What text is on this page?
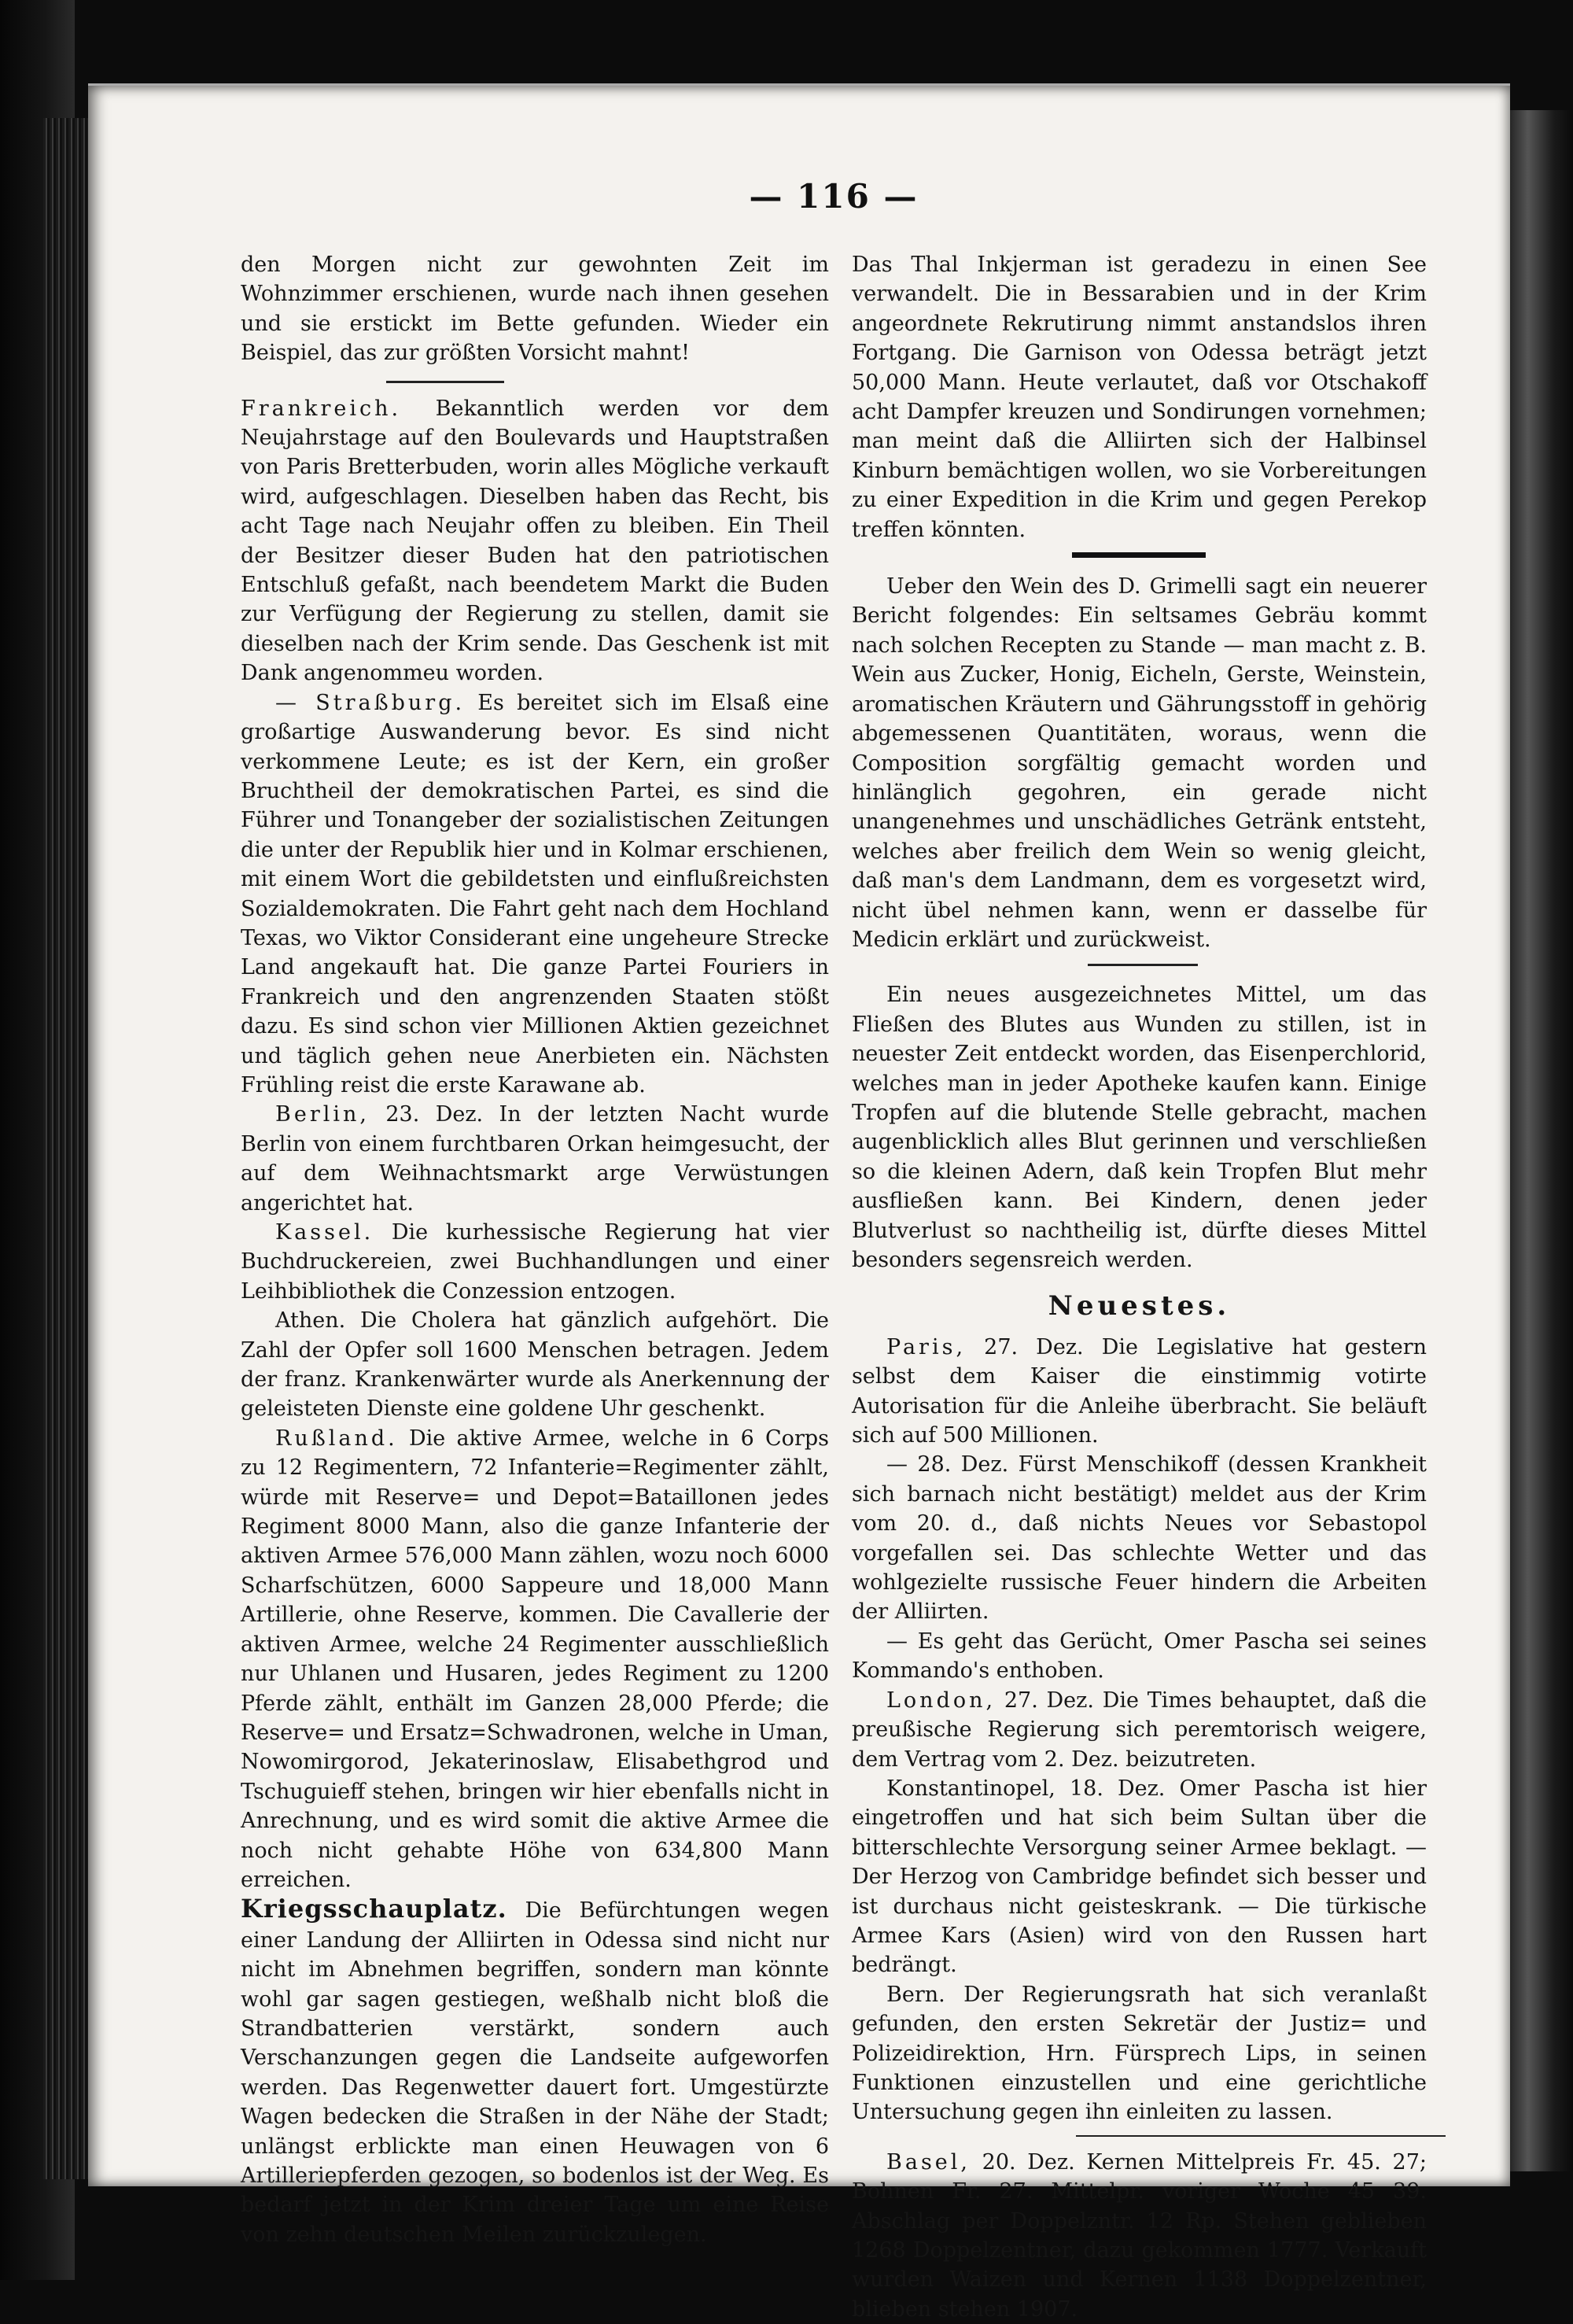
— 116 —

den Morgen nicht zur gewohnten Zeit im Wohnzimmer erschienen, wurde nach ihnen gesehen und sie erstickt im Bette gefunden. Wieder ein Beispiel, das zur größten Vorsicht mahnt!

Frankreich. Bekanntlich werden vor dem Neujahrstage auf den Boulevards und Hauptstraßen von Paris Bretterbuden, worin alles Mögliche verkauft wird, aufgeschlagen. Dieselben haben das Recht, bis acht Tage nach Neujahr offen zu bleiben. Ein Theil der Besitzer dieser Buden hat den patriotischen Entschluß gefaßt, nach beendetem Markt die Buden zur Verfügung der Regierung zu stellen, damit sie dieselben nach der Krim sende. Das Geschenk ist mit Dank angenommeu worden.

— Straßburg. Es bereitet sich im Elsaß eine großartige Auswanderung bevor. Es sind nicht verkommene Leute; es ist der Kern, ein großer Bruchtheil der demokratischen Partei, es sind die Führer und Tonangeber der sozialistischen Zeitungen die unter der Republik hier und in Kolmar erschienen, mit einem Wort die gebildetsten und einflußreichsten Sozialdemokraten. Die Fahrt geht nach dem Hochland Texas, wo Viktor Considerant eine ungeheure Strecke Land angekauft hat. Die ganze Partei Fouriers in Frankreich und den angrenzenden Staaten stößt dazu. Es sind schon vier Millionen Aktien gezeichnet und täglich gehen neue Anerbieten ein. Nächsten Frühling reist die erste Karawane ab.

Berlin, 23. Dez. In der letzten Nacht wurde Berlin von einem furchtbaren Orkan heimgesucht, der auf dem Weihnachtsmarkt arge Verwüstungen angerichtet hat.

Kassel. Die kurhessische Regierung hat vier Buchdruckereien, zwei Buchhandlungen und einer Leihbibliothek die Conzession entzogen.

Athen. Die Cholera hat gänzlich aufgehört. Die Zahl der Opfer soll 1600 Menschen betragen. Jedem der franz. Krankenwärter wurde als Anerkennung der geleisteten Dienste eine goldene Uhr geschenkt.

Rußland. Die aktive Armee, welche in 6 Corps zu 12 Regimentern, 72 Infanterie=Regimenter zählt, würde mit Reserve= und Depot=Bataillonen jedes Regiment 8000 Mann, also die ganze Infanterie der aktiven Armee 576,000 Mann zählen, wozu noch 6000 Scharfschützen, 6000 Sappeure und 18,000 Mann Artillerie, ohne Reserve, kommen. Die Cavallerie der aktiven Armee, welche 24 Regimenter ausschließlich nur Uhlanen und Husaren, jedes Regiment zu 1200 Pferde zählt, enthält im Ganzen 28,000 Pferde; die Reserve= und Ersatz=Schwadronen, welche in Uman, Nowomirgorod, Jekaterinoslaw, Elisabethgrod und Tschuguieff stehen, bringen wir hier ebenfalls nicht in Anrechnung, und es wird somit die aktive Armee die noch nicht gehabte Höhe von 634,800 Mann erreichen.

Kriegsschauplatz. Die Befürchtungen wegen einer Landung der Alliirten in Odessa sind nicht nur nicht im Abnehmen begriffen, sondern man könnte wohl gar sagen gestiegen, weßhalb nicht bloß die Strandbatterien verstärkt, sondern auch Verschanzungen gegen die Landseite aufgeworfen werden. Das Regenwetter dauert fort. Umgestürzte Wagen bedecken die Straßen in der Nähe der Stadt; unlängst erblickte man einen Heuwagen von 6 Artilleriepferden gezogen, so bodenlos ist der Weg. Es bedarf jetzt in der Krim dreier Tage um eine Reise von zehn deutschen Meilen zurückzulegen.

Das Thal Inkjerman ist geradezu in einen See verwandelt. Die in Bessarabien und in der Krim angeordnete Rekrutirung nimmt anstandslos ihren Fortgang. Die Garnison von Odessa beträgt jetzt 50,000 Mann. Heute verlautet, daß vor Otschakoff acht Dampfer kreuzen und Sondirungen vornehmen; man meint daß die Alliirten sich der Halbinsel Kinburn bemächtigen wollen, wo sie Vorbereitungen zu einer Expedition in die Krim und gegen Perekop treffen könnten.

Ueber den Wein des D. Grimelli sagt ein neuerer Bericht folgendes: Ein seltsames Gebräu kommt nach solchen Recepten zu Stande — man macht z. B. Wein aus Zucker, Honig, Eicheln, Gerste, Weinstein, aromatischen Kräutern und Gährungsstoff in gehörig abgemessenen Quantitäten, woraus, wenn die Composition sorgfältig gemacht worden und hinlänglich gegohren, ein gerade nicht unangenehmes und unschädliches Getränk entsteht, welches aber freilich dem Wein so wenig gleicht, daß man's dem Landmann, dem es vorgesetzt wird, nicht übel nehmen kann, wenn er dasselbe für Medicin erklärt und zurückweist.

Ein neues ausgezeichnetes Mittel, um das Fließen des Blutes aus Wunden zu stillen, ist in neuester Zeit entdeckt worden, das Eisenperchlorid, welches man in jeder Apotheke kaufen kann. Einige Tropfen auf die blutende Stelle gebracht, machen augenblicklich alles Blut gerinnen und verschließen so die kleinen Adern, daß kein Tropfen Blut mehr ausfließen kann. Bei Kindern, denen jeder Blutverlust so nachtheilig ist, dürfte dieses Mittel besonders segensreich werden.

Neuestes.

Paris, 27. Dez. Die Legislative hat gestern selbst dem Kaiser die einstimmig votirte Autorisation für die Anleihe überbracht. Sie beläuft sich auf 500 Millionen.

— 28. Dez. Fürst Menschikoff (dessen Krankheit sich barnach nicht bestätigt) meldet aus der Krim vom 20. d., daß nichts Neues vor Sebastopol vorgefallen sei. Das schlechte Wetter und das wohlgezielte russische Feuer hindern die Arbeiten der Alliirten.

— Es geht das Gerücht, Omer Pascha sei seines Kommando's enthoben.

London, 27. Dez. Die Times behauptet, daß die preußische Regierung sich peremtorisch weigere, dem Vertrag vom 2. Dez. beizutreten.

Konstantinopel, 18. Dez. Omer Pascha ist hier eingetroffen und hat sich beim Sultan über die bitterschlechte Versorgung seiner Armee beklagt. — Der Herzog von Cambridge befindet sich besser und ist durchaus nicht geisteskrank. — Die türkische Armee Kars (Asien) wird von den Russen hart bedrängt.

Bern. Der Regierungsrath hat sich veranlaßt gefunden, den ersten Sekretär der Justiz= und Polizeidirektion, Hrn. Fürsprech Lips, in seinen Funktionen einzustellen und eine gerichtliche Untersuchung gegen ihn einleiten zu lassen.

Basel, 20. Dez. Kernen Mittelpreis Fr. 45. 27; Bohnen Fr. 27. Mittelpr. voriger Woche 45 39. Abschlag per Doppelzntr. 12 Rp. Stehen geblieben 1268 Doppelzentner, dazu gekommen 1777. Verkauft wurden Waizen und Kernen 1138 Doppelzentner, blieben stehen 1907.
